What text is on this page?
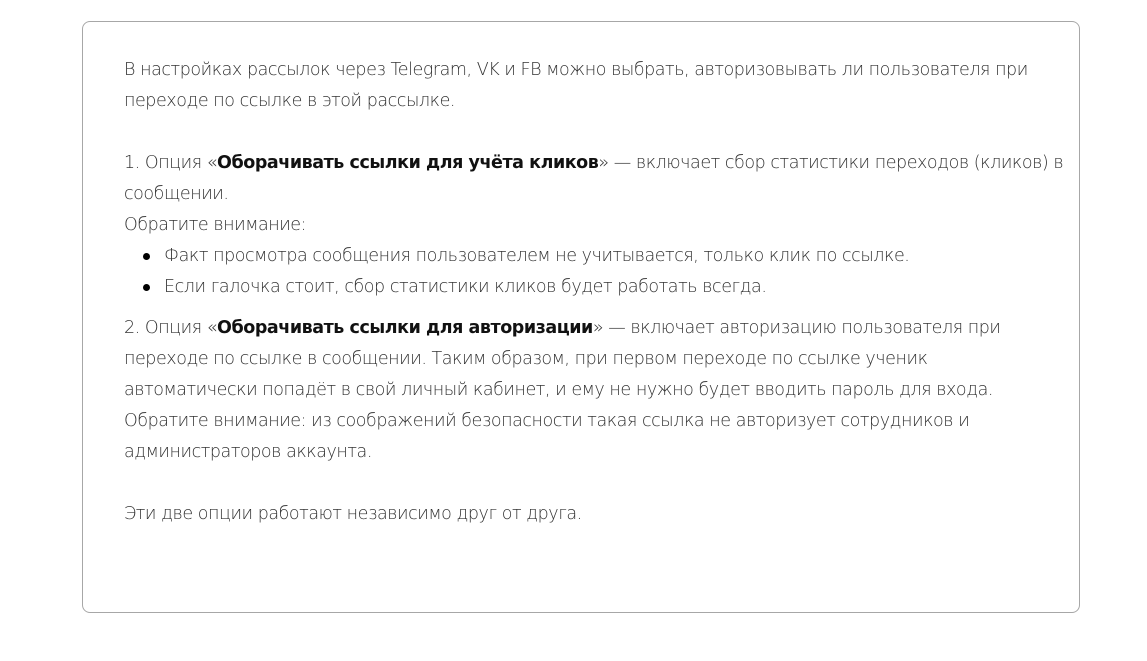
В настройках рассылок через Telegram, VK и FB можно выбрать, авторизовывать ли пользователя при переходе по ссылке в этой рассылке.

1. Опция «Оборачивать ссылки для учёта кликов» — включает сбор статистики переходов (кликов) в сообщении.

Обратите внимание:

Факт просмотра сообщения пользователем не учитывается, только клик по ссылке.
Если галочка стоит, сбор статистики кликов будет работать всегда.

2. Опция «Оборачивать ссылки для авторизации» — включает авторизацию пользователя при переходе по ссылке в сообщении. Таким образом, при первом переходе по ссылке ученик автоматически попадёт в свой личный кабинет, и ему не нужно будет вводить пароль для входа.

Обратите внимание: из соображений безопасности такая ссылка не авторизует сотрудников и администраторов аккаунта.

Эти две опции работают независимо друг от друга.
